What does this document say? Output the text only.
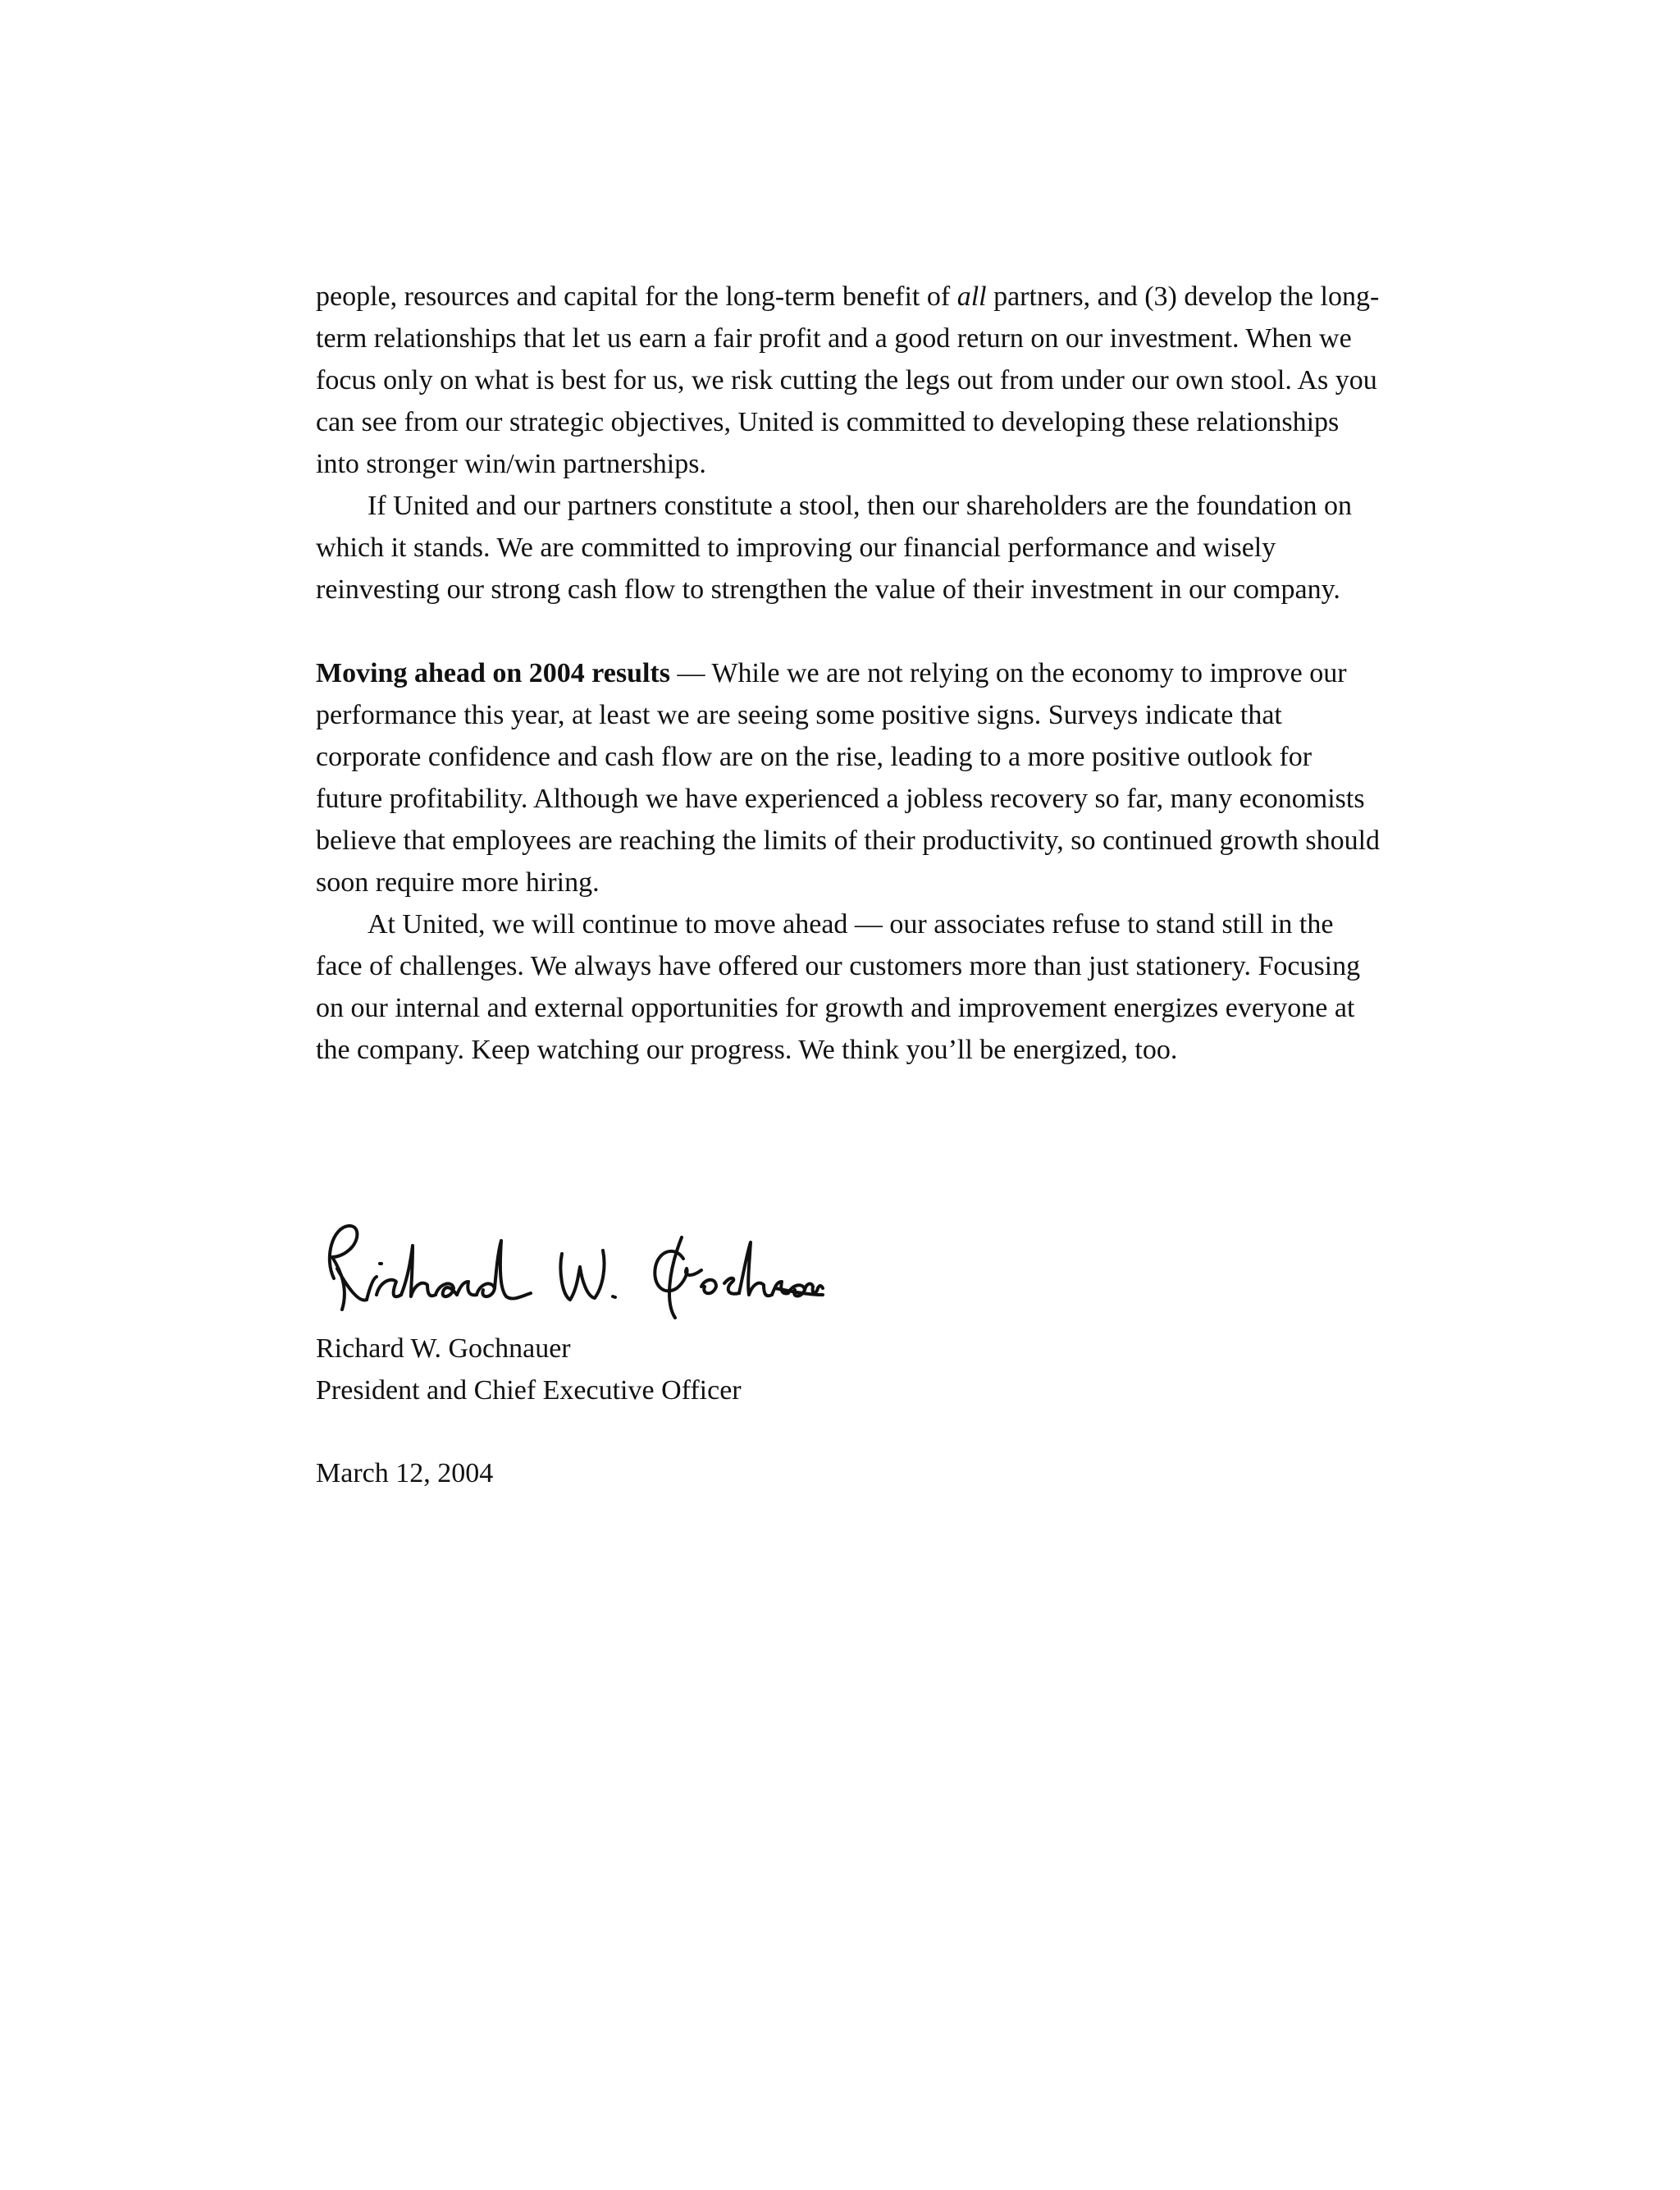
people, resources and capital for the long-term benefit of all partners, and (3) develop the long-term relationships that let us earn a fair profit and a good return on our investment. When we focus only on what is best for us, we risk cutting the legs out from under our own stool. As you can see from our strategic objectives, United is committed to developing these relationships into stronger win/win partnerships.

If United and our partners constitute a stool, then our shareholders are the foundation on which it stands. We are committed to improving our financial performance and wisely reinvesting our strong cash flow to strengthen the value of their investment in our company.

Moving ahead on 2004 results — While we are not relying on the economy to improve our performance this year, at least we are seeing some positive signs. Surveys indicate that corporate confidence and cash flow are on the rise, leading to a more positive outlook for future profitability. Although we have experienced a jobless recovery so far, many economists believe that employees are reaching the limits of their productivity, so continued growth should soon require more hiring.

At United, we will continue to move ahead — our associates refuse to stand still in the face of challenges. We always have offered our customers more than just stationery. Focusing on our internal and external opportunities for growth and improvement energizes everyone at the company. Keep watching our progress. We think you’ll be energized, too.

Richard W. Gochnauer
President and Chief Executive Officer
March 12, 2004
